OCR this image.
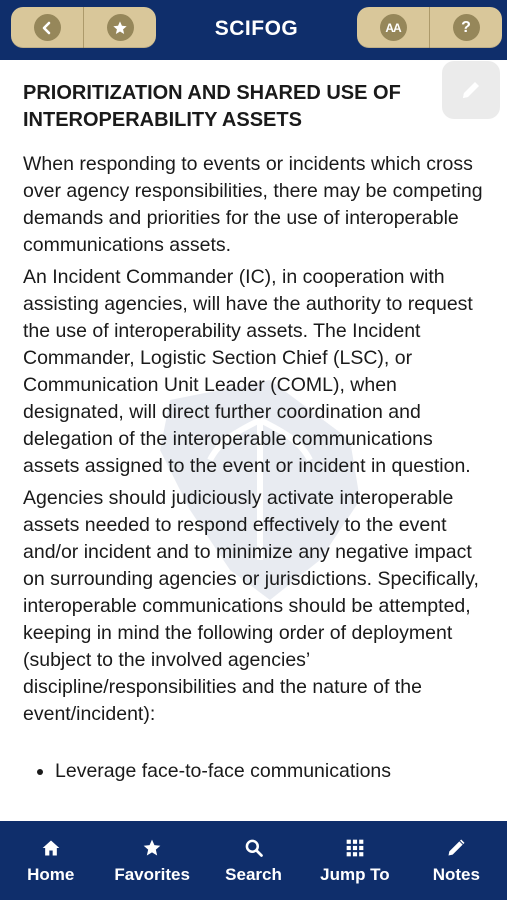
SCIFOG	AA	?
PRIORITIZATION AND SHARED USE OF INTEROPERABILITY ASSETS

When responding to events or incidents which cross over agency responsibilities, there may be competing demands and priorities for the use of interoperable communications assets.

An Incident Commander (IC), in cooperation with assisting agencies, will have the authority to request the use of interoperability assets. The Incident Commander, Logistic Section Chief (LSC), or Communication Unit Leader (COML), when designated, will direct further coordination and delegation of the interoperable communications assets assigned to the event or incident in question.

Agencies should judiciously activate interoperable assets needed to respond effectively to the event and/or incident and to minimize any negative impact on surrounding agencies or jurisdictions. Specifically, interoperable communications should be attempted, keeping in mind the following order of deployment (subject to the involved agencies’ discipline/responsibilities and the nature of the event/incident):

• Leverage face-to-face communications
Home Favorites Search Jump To	Notes
